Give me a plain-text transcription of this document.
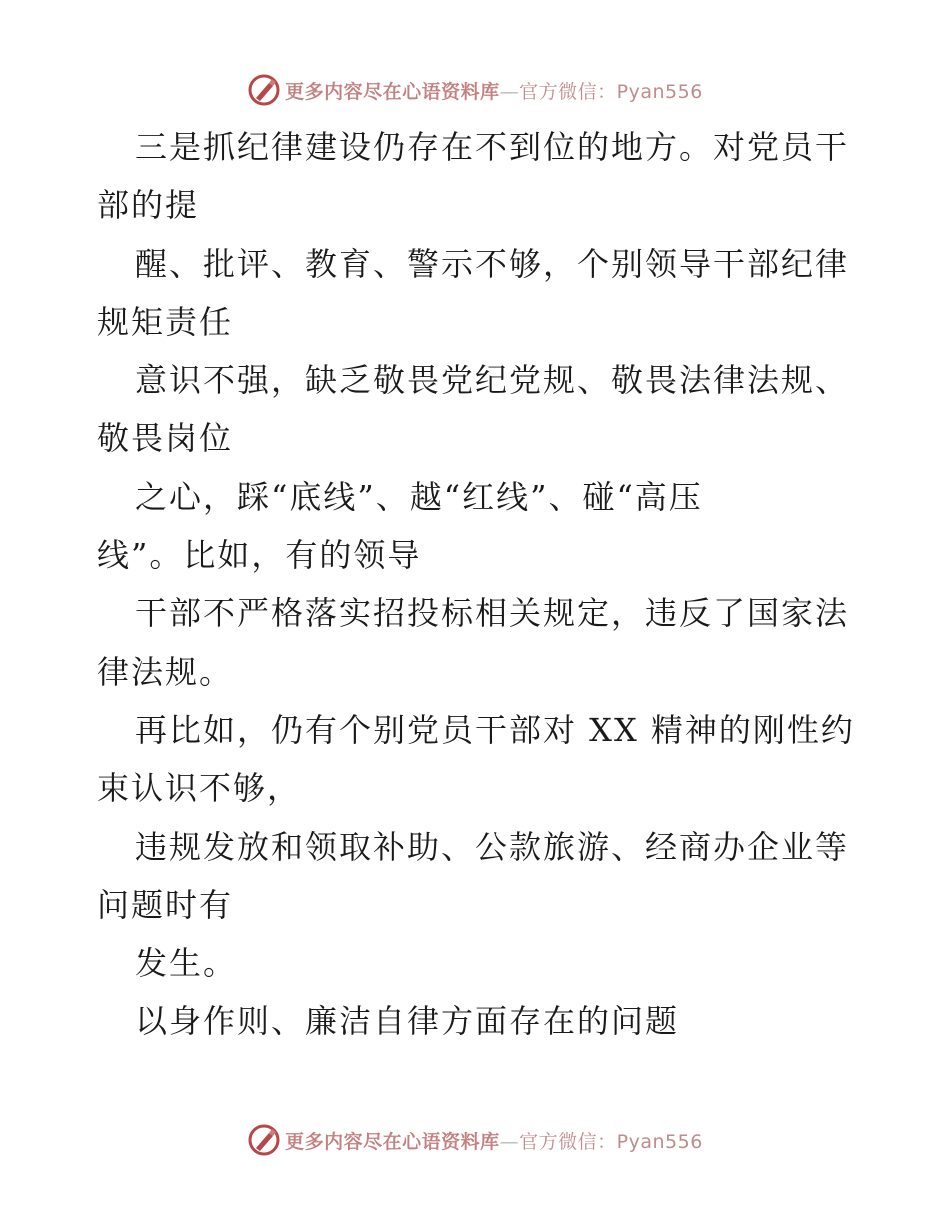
更多内容尽在心语资料库—官方微信：Pyan556
三是抓纪律建设仍存在不到位的地方。对党员干
部的提
醒、批评、教育、警示不够，个别领导干部纪律
规矩责任
意识不强，缺乏敬畏党纪党规、敬畏法律法规、
敬畏岗位
之心，踩“底线”、越“红线”、碰“高压
线”。比如，有的领导
干部不严格落实招投标相关规定，违反了国家法
律法规。
再比如，仍有个别党员干部对 XX 精神的刚性约
束认识不够，
违规发放和领取补助、公款旅游、经商办企业等
问题时有
发生。
以身作则、廉洁自律方面存在的问题
更多内容尽在心语资料库—官方微信：Pyan556
